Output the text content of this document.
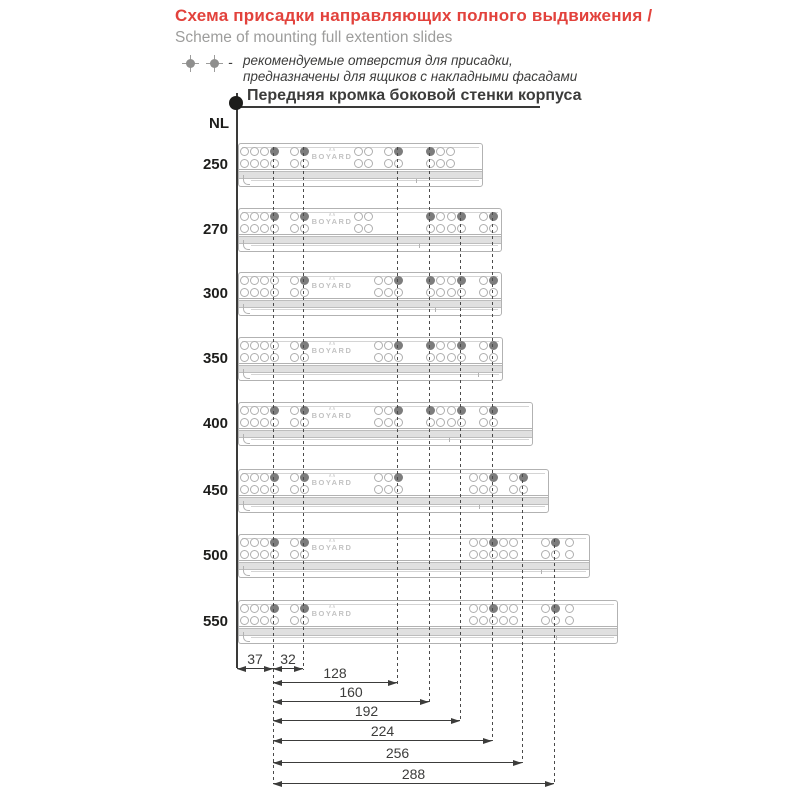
Схема присадки направляющих полного выдвижения /
Scheme of mounting full extention slides
- рекомендуемые отверстия для присадки,
предназначены для ящиков с накладными фасадами
Передняя кромка боковой стенки корпуса
NL
250
∧∧
BOYARD
270
∧∧
BOYARD
300
∧∧
BOYARD
350
∧∧
BOYARD
400
∧∧
BOYARD
450
∧∧
BOYARD
500
∧∧
BOYARD
550
∧∧
BOYARD
37	32
128
160
192
224
256
288
